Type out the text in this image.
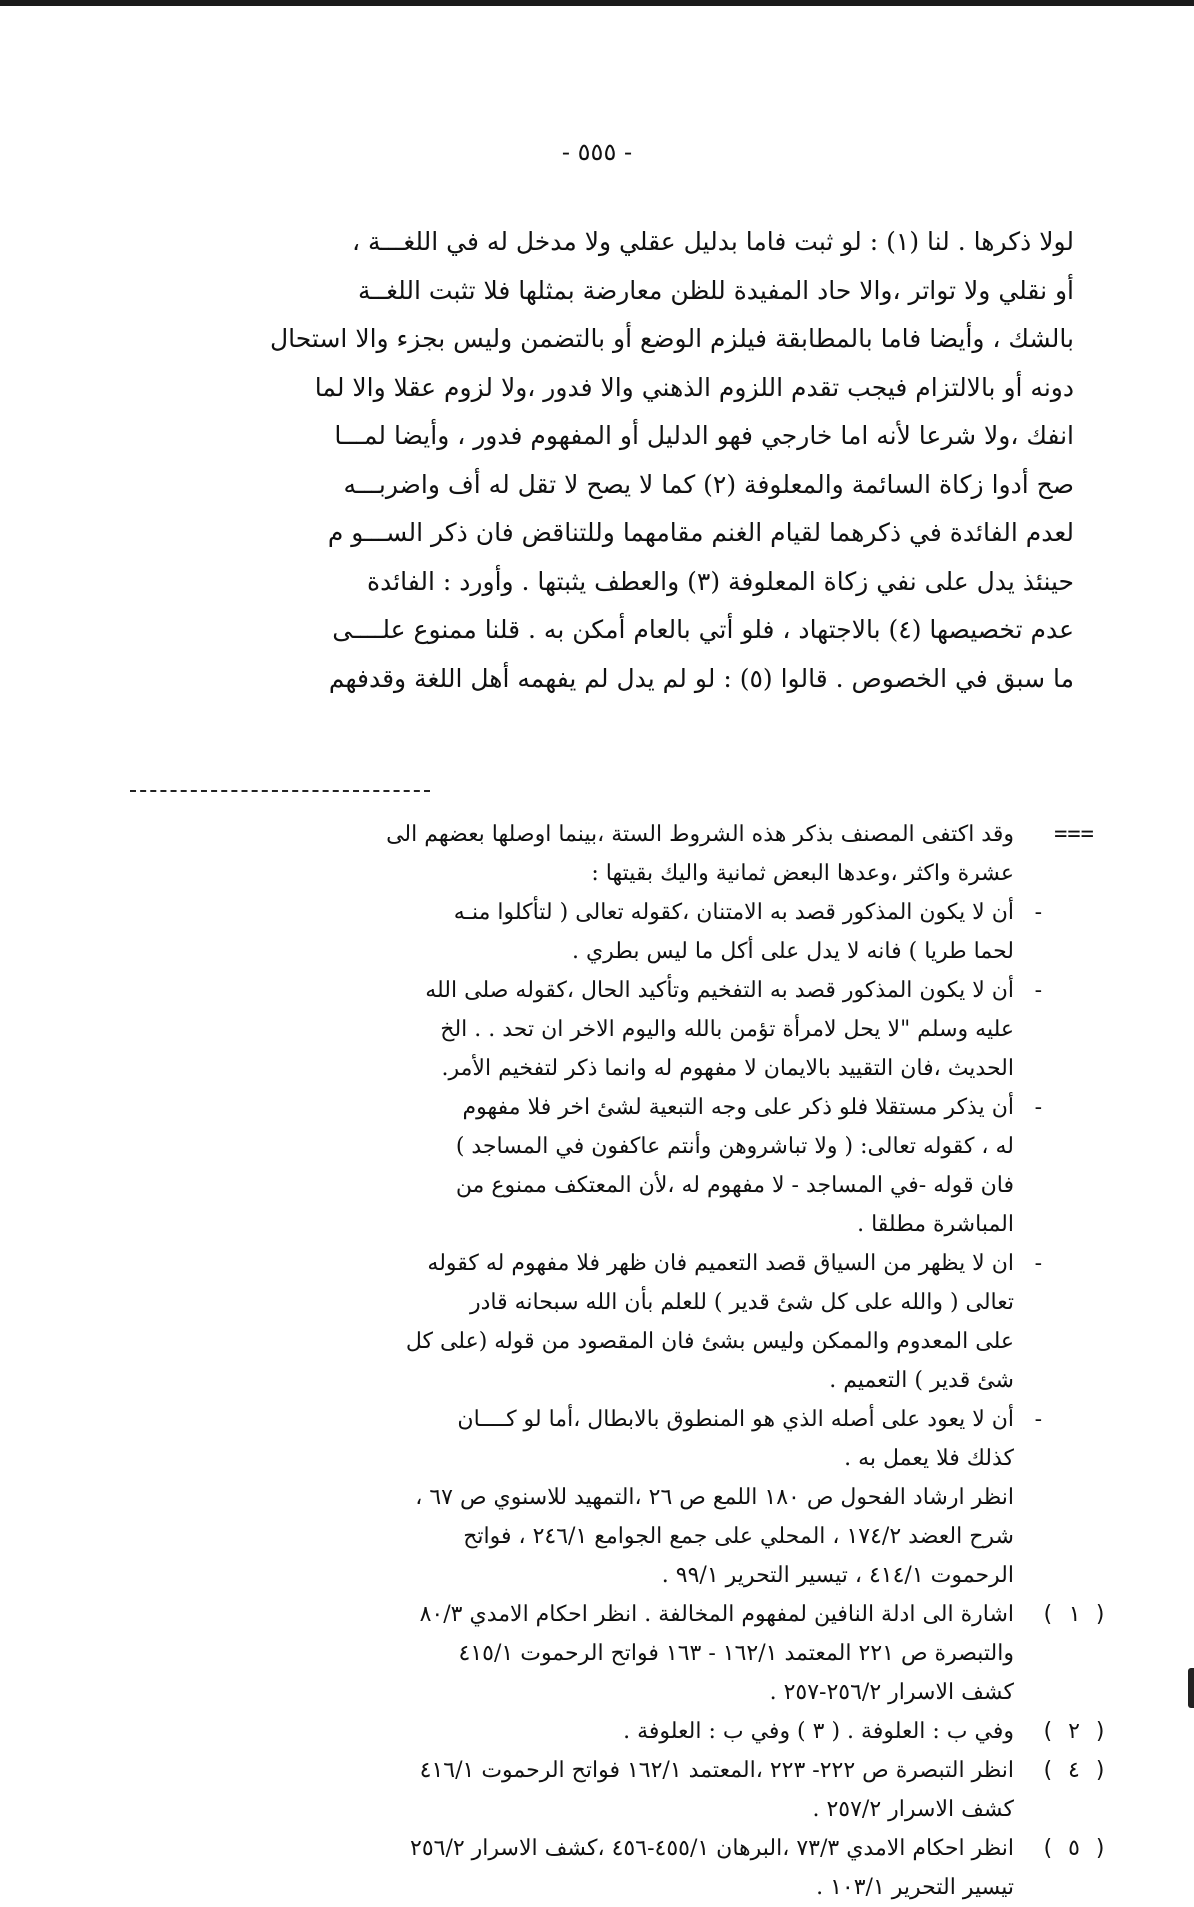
- ٥٥٥ -
لولا ذكرها . لنا (١) : لو ثبت فاما بدليل عقلي ولا مدخل له في اللغـــة ،
أو نقلي ولا تواتر ،والا حاد المفيدة للظن معارضة بمثلها فلا تثبت اللغــة
بالشك ، وأيضا فاما بالمطابقة فيلزم الوضع أو بالتضمن وليس بجزء والا استحال
دونه أو بالالتزام فيجب تقدم اللزوم الذهني والا فدور ،ولا لزوم عقلا والا لما
انفك ،ولا شرعا لأنه اما خارجي فهو الدليل أو المفهوم فدور ، وأيضا لمـــا
صح أدوا زكاة السائمة والمعلوفة (٢) كما لا يصح لا تقل له أف واضربـــه
لعدم الفائدة في ذكرهما لقيام الغنم مقامهما وللتناقض فان ذكر الســـو م
حينئذ يدل على نفي زكاة المعلوفة (٣) والعطف يثبتها . وأورد : الفائدة
عدم تخصيصها (٤) بالاجتهاد ، فلو أتي بالعام أمكن به . قلنا ممنوع علــــى
ما سبق في الخصوص . قالوا (٥) : لو لم يدل لم يفهمه أهل اللغة وقدفهم
===
وقد اكتفى المصنف بذكر هذه الشروط الستة ،بينما اوصلها بعضهم الى
عشرة واكثر ،وعدها البعض ثمانية واليك بقيتها :
-
أن لا يكون المذكور قصد به الامتنان ،كقوله تعالى ( لتأكلوا منـه
لحما طريا ) فانه لا يدل على أكل ما ليس بطري .
-
أن لا يكون المذكور قصد به التفخيم وتأكيد الحال ،كقوله صلى الله
عليه وسلم "لا يحل لامرأة تؤمن بالله واليوم الاخر ان تحد . . الخ
الحديث ،فان التقييد بالايمان لا مفهوم له وانما ذكر لتفخيم الأمر.
-
أن يذكر مستقلا فلو ذكر على وجه التبعية لشئ اخر فلا مفهوم
له ، كقوله تعالى: ( ولا تباشروهن وأنتم عاكفون في المساجد )
فان قوله -في المساجد - لا مفهوم له ،لأن المعتكف ممنوع من
المباشرة مطلقا .
-
ان لا يظهر من السياق قصد التعميم فان ظهر فلا مفهوم له كقوله
تعالى ( والله على كل شئ قدير ) للعلم بأن الله سبحانه قادر
على المعدوم والممكن وليس بشئ فان المقصود من قوله (على كل
شئ قدير ) التعميم .
-
أن لا يعود على أصله الذي هو المنطوق بالابطال ،أما لو كــــان
كذلك فلا يعمل به .
انظر ارشاد الفحول ص ١٨٠ اللمع ص ٢٦ ،التمهيد للاسنوي ص ٦٧ ،
شرح العضد ١٧٤/٢ ، المحلي على جمع الجوامع ٢٤٦/١ ، فواتح
الرحموت ٤١٤/١ ، تيسير التحرير ٩٩/١ .
( ١ )
اشارة الى ادلة النافين لمفهوم المخالفة . انظر احكام الامدي ٨٠/٣
والتبصرة ص ٢٢١ المعتمد ١٦٢/١ - ١٦٣ فواتح الرحموت ٤١٥/١
كشف الاسرار ٢٥٦/٢-٢٥٧ .
( ٢ )
وفي ب : العلوفة . ( ٣ ) وفي ب : العلوفة .
( ٤ )
انظر التبصرة ص ٢٢٢- ٢٢٣ ،المعتمد ١٦٢/١ فواتح الرحموت ٤١٦/١
كشف الاسرار ٢٥٧/٢ .
( ٥ )
انظر احكام الامدي ٧٣/٣ ،البرهان ٤٥٥/١-٤٥٦ ،كشف الاسرار ٢٥٦/٢
تيسير التحرير ١٠٣/١ .
